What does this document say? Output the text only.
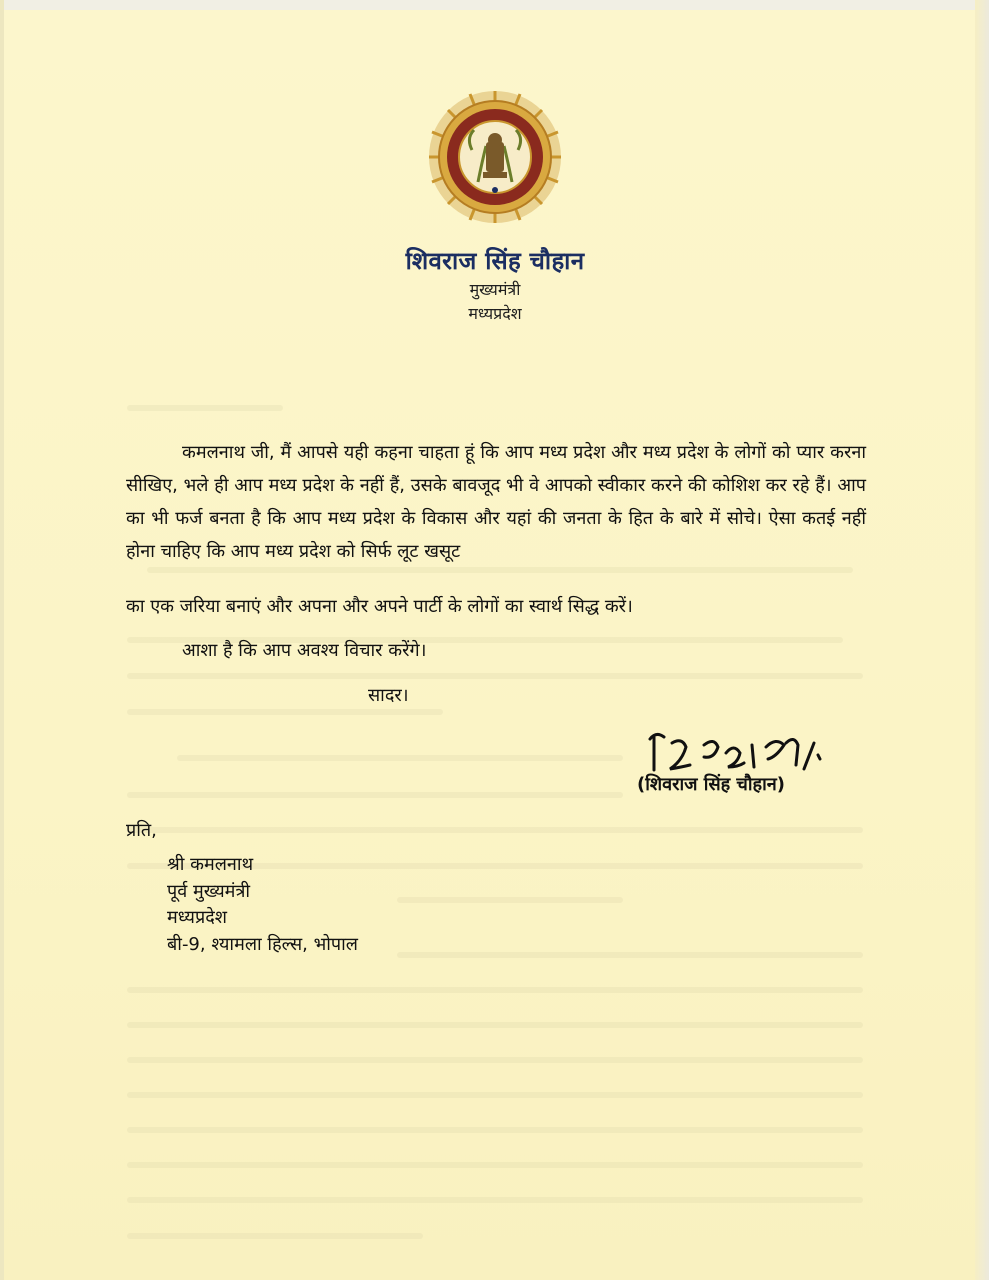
शिवराज सिंह चौहान
मुख्यमंत्री
मध्यप्रदेश
कमलनाथ जी, मैं आपसे यही कहना चाहता हूं कि आप मध्य प्रदेश और मध्य प्रदेश के लोगों को प्यार करना सीखिए, भले ही आप मध्य प्रदेश के नहीं हैं, उसके बावजूद भी वे आपको स्वीकार करने की कोशिश कर रहे हैं। आप का भी फर्ज बनता है कि आप मध्य प्रदेश के विकास और यहां की जनता के हित के बारे में सोचे। ऐसा कतई नहीं होना चाहिए कि आप मध्य प्रदेश को सिर्फ लूट खसूट
का एक जरिया बनाएं और अपना और अपने पार्टी के लोगों का स्वार्थ सिद्ध करें।
आशा है कि आप अवश्य विचार करेंगे।
सादर।
(शिवराज सिंह चौहान)
प्रति,
श्री कमलनाथ
पूर्व मुख्यमंत्री
मध्यप्रदेश
बी-9, श्यामला हिल्स, भोपाल
